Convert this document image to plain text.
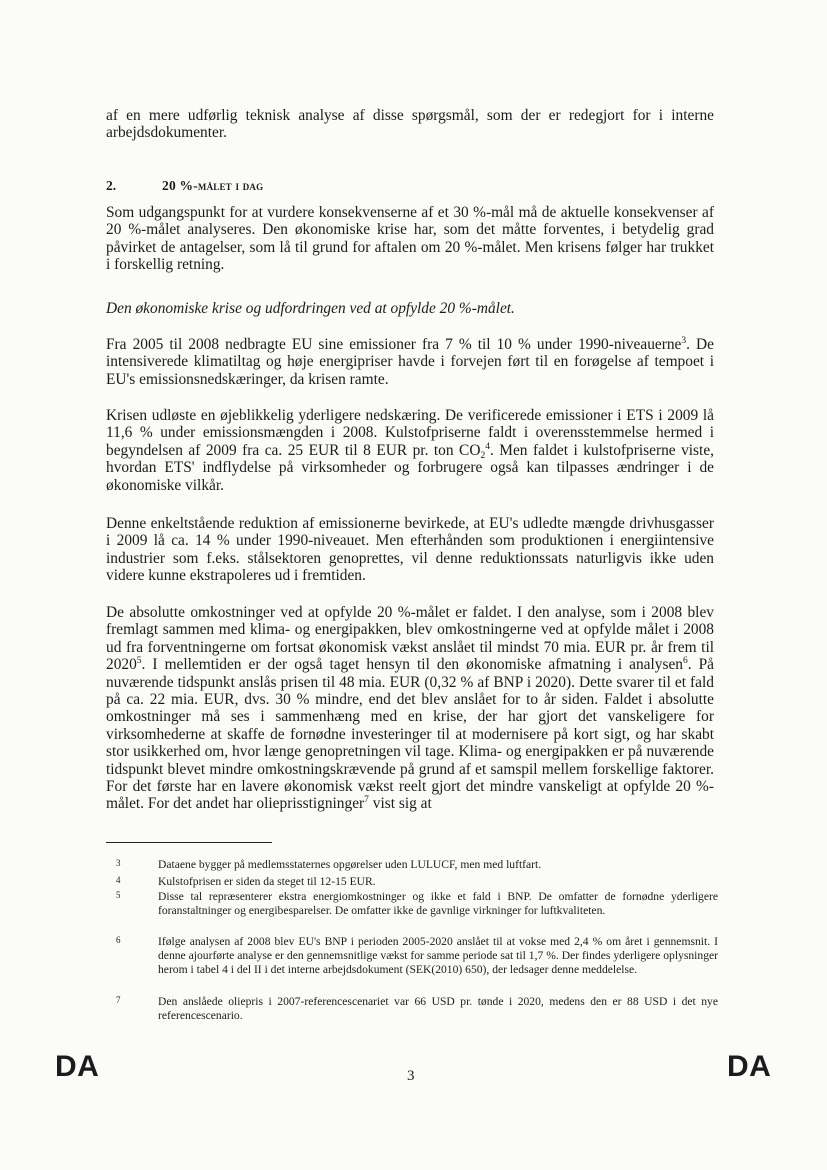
af en mere udførlig teknisk analyse af disse spørgsmål, som der er redegjort for i interne arbejdsdokumenter.

2.	20 %-målet i dag

Som udgangspunkt for at vurdere konsekvenserne af et 30 %-mål må de aktuelle konsekvenser af 20 %-målet analyseres. Den økonomiske krise har, som det måtte forventes, i betydelig grad påvirket de antagelser, som lå til grund for aftalen om 20 %-målet. Men krisens følger har trukket i forskellig retning.

Den økonomiske krise og udfordringen ved at opfylde 20 %-målet.

Fra 2005 til 2008 nedbragte EU sine emissioner fra 7 % til 10 % under 1990-niveauerne$^3$. De intensiverede klimatiltag og høje energipriser havde i forvejen ført til en forøgelse af tempoet i EU's emissionsnedskæringer, da krisen ramte.

Krisen udløste en øjeblikkelig yderligere nedskæring. De verificerede emissioner i ETS i 2009 lå 11,6 % under emissionsmængden i 2008. Kulstofpriserne faldt i overensstemmelse hermed i begyndelsen af 2009 fra ca. 25 EUR til 8 EUR pr. ton $CO_2^4$. Men faldet i kulstofpriserne viste, hvordan ETS' indflydelse på virksomheder og forbrugere også kan tilpasses ændringer i de økonomiske vilkår.

Denne enkeltstående reduktion af emissionerne bevirkede, at EU's udledte mængde drivhusgasser i 2009 lå ca. 14 % under 1990-niveauet. Men efterhånden som produktionen i energiintensive industrier som f.eks. stålsektoren genoprettes, vil denne reduktionssats naturligvis ikke uden videre kunne ekstrapoleres ud i fremtiden.

De absolutte omkostninger ved at opfylde 20 %-målet er faldet. I den analyse, som i 2008 blev fremlagt sammen med klima- og energipakken, blev omkostningerne ved at opfylde målet i 2008 ud fra forventningerne om fortsat økonomisk vækst anslået til mindst 70 mia. EUR pr. år frem til 2020$^5$. I mellemtiden er der også taget hensyn til den økonomiske afmatning i analysen$^6$. På nuværende tidspunkt anslås prisen til 48 mia. EUR (0,32 % af BNP i 2020). Dette svarer til et fald på ca. 22 mia. EUR, dvs. 30 % mindre, end det blev anslået for to år siden. Faldet i absolutte omkostninger må ses i sammenhæng med en krise, der har gjort det vanskeligere for virksomhederne at skaffe de fornødne investeringer til at modernisere på kort sigt, og har skabt stor usikkerhed om, hvor længe genopretningen vil tage. Klima- og energipakken er på nuværende tidspunkt blevet mindre omkostningskrævende på grund af et samspil mellem forskellige faktorer. For det første har en lavere økonomisk vækst reelt gjort det mindre vanskeligt at opfylde 20 %-målet. For det andet har olieprisstigninger$^7$ vist sig at

3	Dataene bygger på medlemsstaternes opgørelser uden LULUCF, men med luftfart.
4	Kulstofprisen er siden da steget til 12-15 EUR.
5	Disse tal repræsenterer ekstra energiomkostninger og ikke et fald i BNP. De omfatter de fornødne yderligere foranstaltninger og energibesparelser. De omfatter ikke de gavnlige virkninger for luftkvaliteten.
6	Ifølge analysen af 2008 blev EU's BNP i perioden 2005-2020 anslået til at vokse med 2,4 % om året i gennemsnit. I denne ajourførte analyse er den gennemsnitlige vækst for samme periode sat til 1,7 %. Der findes yderligere oplysninger herom i tabel 4 i del II i det interne arbejdsdokument (SEK(2010) 650), der ledsager denne meddelelse.
7	Den anslåede oliepris i 2007-referencescenariet var 66 USD pr. tønde i 2020, medens den er 88 USD i det nye referencescenario.
DA	3	DA
